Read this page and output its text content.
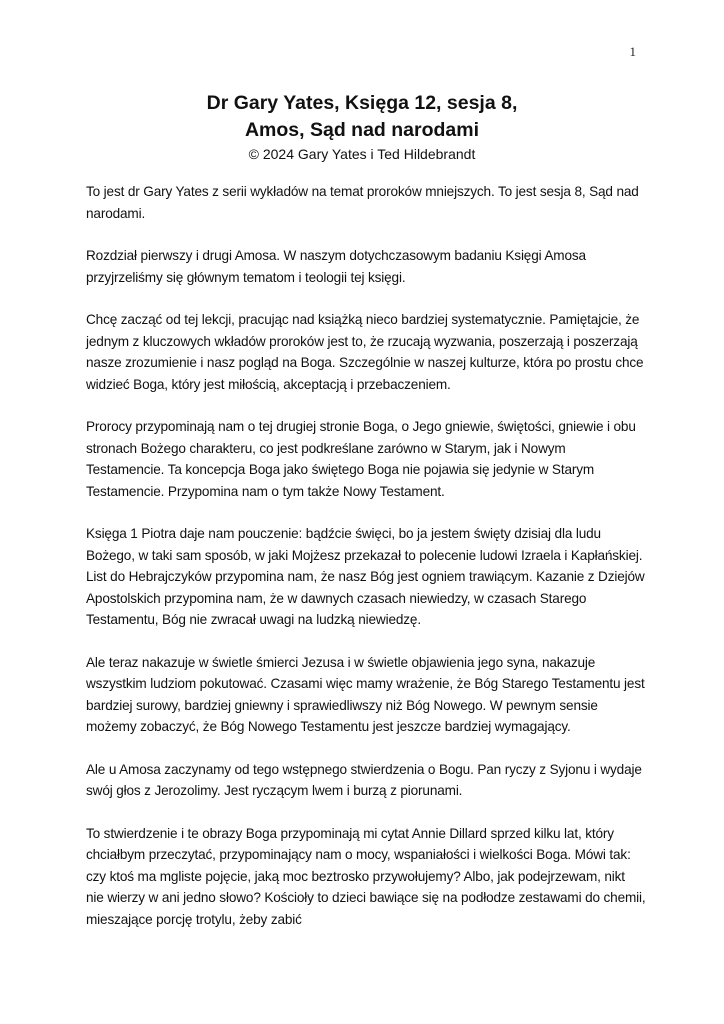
1
Dr Gary Yates, Księga 12, sesja 8,
Amos, Sąd nad narodami
© 2024 Gary Yates i Ted Hildebrandt

To jest dr Gary Yates z serii wykładów na temat proroków mniejszych. To jest sesja 8, Sąd nad narodami.

Rozdział pierwszy i drugi Amosa. W naszym dotychczasowym badaniu Księgi Amosa przyjrzeliśmy się głównym tematom i teologii tej księgi.

Chcę zacząć od tej lekcji, pracując nad książką nieco bardziej systematycznie. Pamiętajcie, że jednym z kluczowych wkładów proroków jest to, że rzucają wyzwania, poszerzają i poszerzają nasze zrozumienie i nasz pogląd na Boga. Szczególnie w naszej kulturze, która po prostu chce widzieć Boga, który jest miłością, akceptacją i przebaczeniem.

Prorocy przypominają nam o tej drugiej stronie Boga, o Jego gniewie, świętości, gniewie i obu stronach Bożego charakteru, co jest podkreślane zarówno w Starym, jak i Nowym Testamencie. Ta koncepcja Boga jako świętego Boga nie pojawia się jedynie w Starym Testamencie. Przypomina nam o tym także Nowy Testament.

Księga 1 Piotra daje nam pouczenie: bądźcie święci, bo ja jestem święty dzisiaj dla ludu Bożego, w taki sam sposób, w jaki Mojżesz przekazał to polecenie ludowi Izraela i Kapłańskiej. List do Hebrajczyków przypomina nam, że nasz Bóg jest ogniem trawiącym. Kazanie z Dziejów Apostolskich przypomina nam, że w dawnych czasach niewiedzy, w czasach Starego Testamentu, Bóg nie zwracał uwagi na ludzką niewiedzę.

Ale teraz nakazuje w świetle śmierci Jezusa i w świetle objawienia jego syna, nakazuje wszystkim ludziom pokutować. Czasami więc mamy wrażenie, że Bóg Starego Testamentu jest bardziej surowy, bardziej gniewny i sprawiedliwszy niż Bóg Nowego. W pewnym sensie możemy zobaczyć, że Bóg Nowego Testamentu jest jeszcze bardziej wymagający.

Ale u Amosa zaczynamy od tego wstępnego stwierdzenia o Bogu. Pan ryczy z Syjonu i wydaje swój głos z Jerozolimy. Jest ryczącym lwem i burzą z piorunami.

To stwierdzenie i te obrazy Boga przypominają mi cytat Annie Dillard sprzed kilku lat, który chciałbym przeczytać, przypominający nam o mocy, wspaniałości i wielkości Boga. Mówi tak: czy ktoś ma mgliste pojęcie, jaką moc beztrosko przywołujemy? Albo, jak podejrzewam, nikt nie wierzy w ani jedno słowo? Kościoły to dzieci bawiące się na podłodze zestawami do chemii, mieszające porcję trotylu, żeby zabić
